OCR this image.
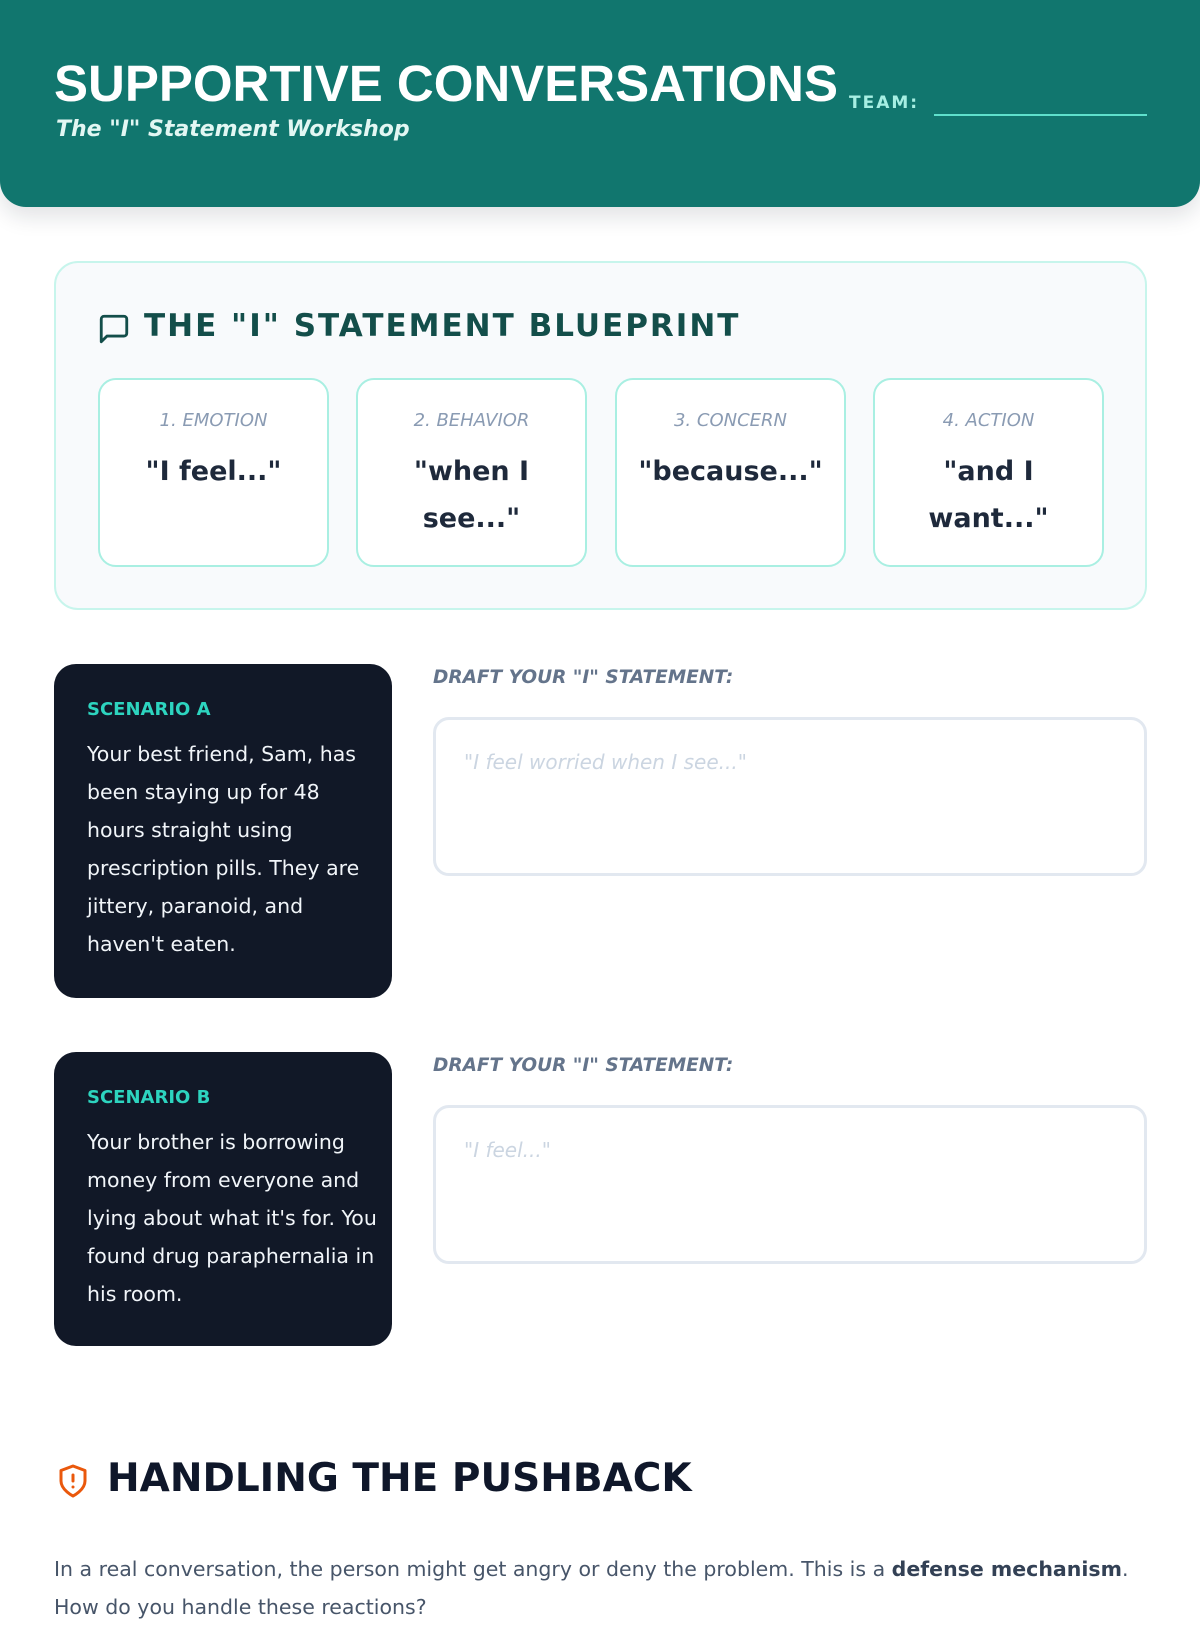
SUPPORTIVE CONVERSATIONS
The "I" Statement Workshop
TEAM:
THE "I" STATEMENT BLUEPRINT
1. EMOTION
"I feel..."
2. BEHAVIOR
"when I see..."
3. CONCERN
"because..."
4. ACTION
"and I want..."
SCENARIO A

Your best friend, Sam, has been staying up for 48 hours straight using prescription pills. They are jittery, paranoid, and haven't eaten.

DRAFT YOUR "I" STATEMENT:
"I feel worried when I see..."
SCENARIO B

Your brother is borrowing money from everyone and lying about what it's for. You found drug paraphernalia in his room.

DRAFT YOUR "I" STATEMENT:
"I feel..."
HANDLING THE PUSHBACK

In a real conversation, the person might get angry or deny the problem. This is a defense mechanism. How do you handle these reactions?
